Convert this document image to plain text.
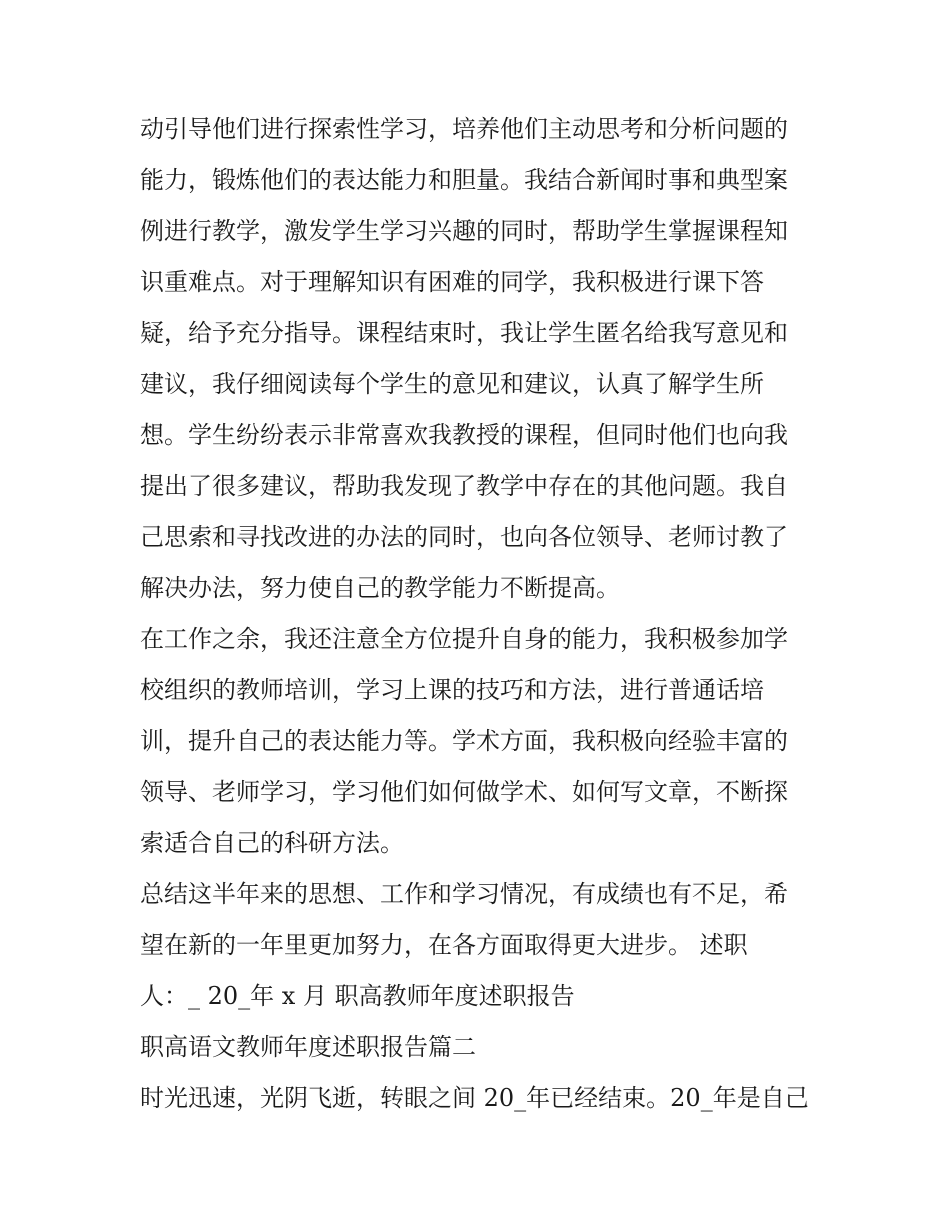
动引导他们进行探索性学习，培养他们主动思考和分析问题的
能力，锻炼他们的表达能力和胆量。我结合新闻时事和典型案
例进行教学，激发学生学习兴趣的同时，帮助学生掌握课程知
识重难点。对于理解知识有困难的同学，我积极进行课下答
疑，给予充分指导。课程结束时，我让学生匿名给我写意见和
建议，我仔细阅读每个学生的意见和建议，认真了解学生所
想。学生纷纷表示非常喜欢我教授的课程，但同时他们也向我
提出了很多建议，帮助我发现了教学中存在的其他问题。我自
己思索和寻找改进的办法的同时，也向各位领导、老师讨教了
解决办法，努力使自己的教学能力不断提高。
在工作之余，我还注意全方位提升自身的能力，我积极参加学
校组织的教师培训，学习上课的技巧和方法，进行普通话培
训，提升自己的表达能力等。学术方面，我积极向经验丰富的
领导、老师学习，学习他们如何做学术、如何写文章，不断探
索适合自己的科研方法。
总结这半年来的思想、工作和学习情况，有成绩也有不足，希
望在新的一年里更加努力，在各方面取得更大进步。 述职
人：_ 20_年 x 月 职高教师年度述职报告
职高语文教师年度述职报告篇二
时光迅速，光阴飞逝，转眼之间 20_年已经结束。20_年是自己
